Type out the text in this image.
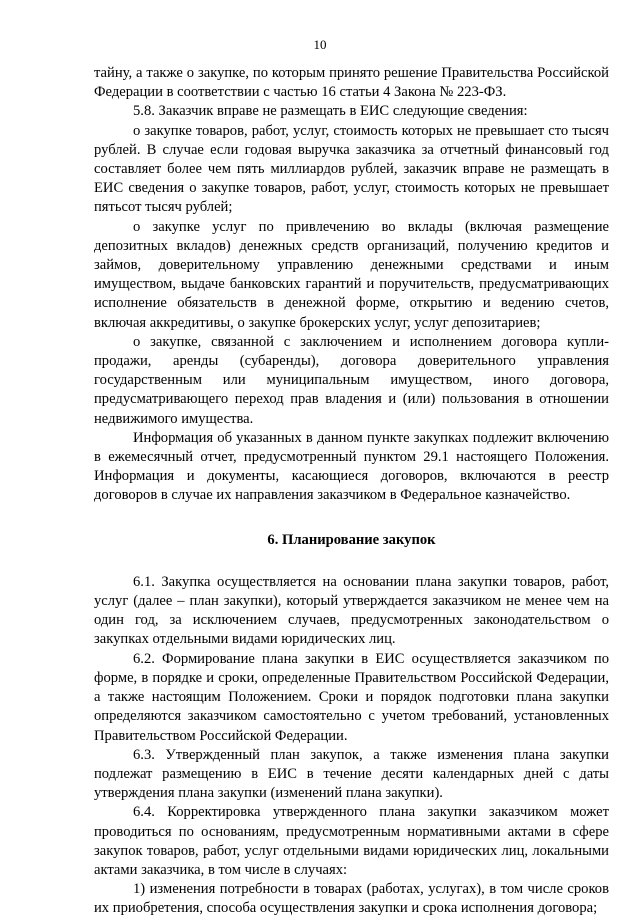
10

тайну, а также о закупке, по которым принято решение Правительства Российской Федерации в соответствии с частью 16 статьи 4 Закона № 223-ФЗ.

5.8. Заказчик вправе не размещать в ЕИС следующие сведения:

о закупке товаров, работ, услуг, стоимость которых не превышает сто тысяч рублей. В случае если годовая выручка заказчика за отчетный финансовый год составляет более чем пять миллиардов рублей, заказчик вправе не размещать в ЕИС сведения о закупке товаров, работ, услуг, стоимость которых не превышает пятьсот тысяч рублей;

о закупке услуг по привлечению во вклады (включая размещение депозитных вкладов) денежных средств организаций, получению кредитов и займов, доверительному управлению денежными средствами и иным имуществом, выдаче банковских гарантий и поручительств, предусматривающих исполнение обязательств в денежной форме, открытию и ведению счетов, включая аккредитивы, о закупке брокерских услуг, услуг депозитариев;

о закупке, связанной с заключением и исполнением договора купли-продажи, аренды (субаренды), договора доверительного управления государственным или муниципальным имуществом, иного договора, предусматривающего переход прав владения и (или) пользования в отношении недвижимого имущества.

Информация об указанных в данном пункте закупках подлежит включению в ежемесячный отчет, предусмотренный пунктом 29.1 настоящего Положения. Информация и документы, касающиеся договоров, включаются в реестр договоров в случае их направления заказчиком в Федеральное казначейство.

6. Планирование закупок

6.1. Закупка осуществляется на основании плана закупки товаров, работ, услуг (далее – план закупки), который утверждается заказчиком не менее чем на один год, за исключением случаев, предусмотренных законодательством о закупках отдельными видами юридических лиц.

6.2. Формирование плана закупки в ЕИС осуществляется заказчиком по форме, в порядке и сроки, определенные Правительством Российской Федерации, а также настоящим Положением. Сроки и порядок подготовки плана закупки определяются заказчиком самостоятельно с учетом требований, установленных Правительством Российской Федерации.

6.3. Утвержденный план закупок, а также изменения плана закупки подлежат размещению в ЕИС в течение десяти календарных дней с даты утверждения плана закупки (изменений плана закупки).

6.4. Корректировка утвержденного плана закупки заказчиком может проводиться по основаниям, предусмотренным нормативными актами в сфере закупок товаров, работ, услуг отдельными видами юридических лиц, локальными актами заказчика, в том числе в случаях:

1) изменения потребности в товарах (работах, услугах), в том числе сроков их приобретения, способа осуществления закупки и срока исполнения договора;
